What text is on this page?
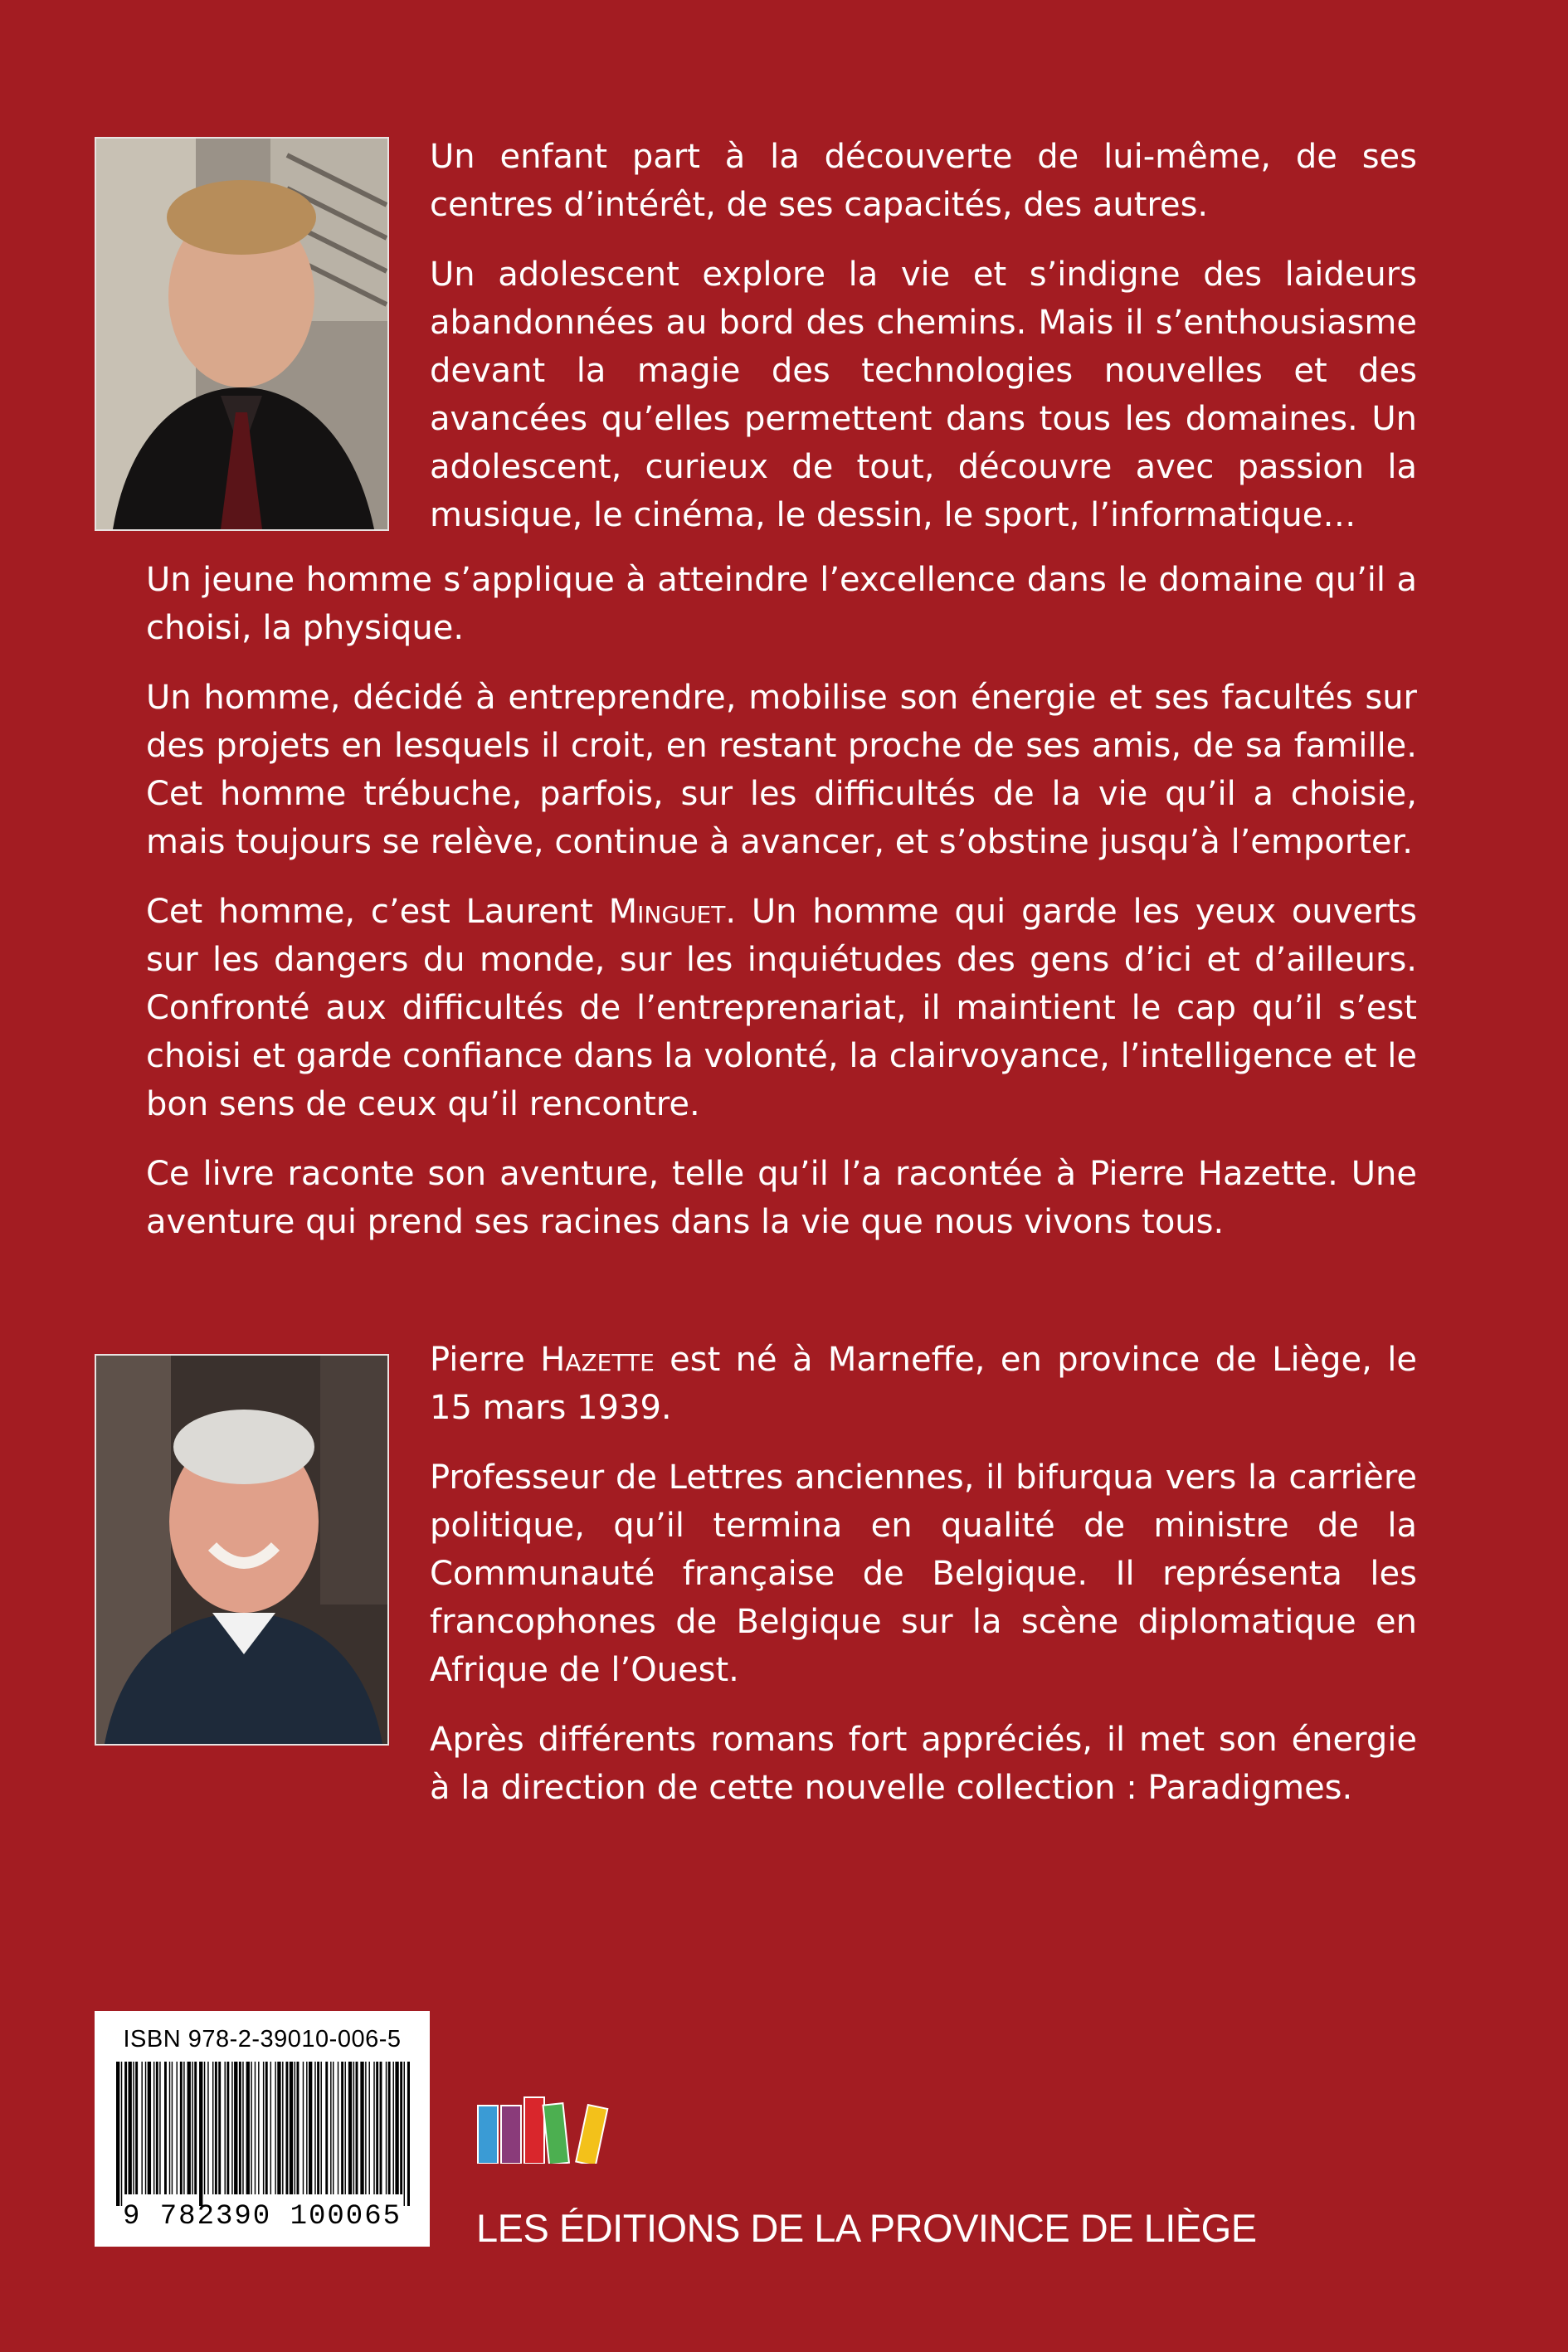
Un enfant part à la découverte de lui-même, de ses centres d’intérêt, de ses capacités, des autres.

Un adolescent explore la vie et s’indigne des laideurs abandonnées au bord des chemins. Mais il s’enthousiasme devant la magie des technologies nouvelles et des avancées qu’elles permettent dans tous les domaines. Un adolescent, curieux de tout, découvre avec passion la musique, le cinéma, le dessin, le sport, l’informatique…

Un jeune homme s’applique à atteindre l’excellence dans le domaine qu’il a choisi, la physique.

Un homme, décidé à entreprendre, mobilise son énergie et ses facultés sur des projets en lesquels il croit, en restant proche de ses amis, de sa famille. Cet homme trébuche, parfois, sur les difficultés de la vie qu’il a choisie, mais toujours se relève, continue à avancer, et s’obstine jusqu’à l’emporter.

Cet homme, c’est Laurent Minguet. Un homme qui garde les yeux ouverts sur les dangers du monde, sur les inquiétudes des gens d’ici et d’ailleurs. Confronté aux difficultés de l’entreprenariat, il maintient le cap qu’il s’est choisi et garde confiance dans la volonté, la clairvoyance, l’intelligence et le bon sens de ceux qu’il rencontre.

Ce livre raconte son aventure, telle qu’il l’a racontée à Pierre Hazette. Une aventure qui prend ses racines dans la vie que nous vivons tous.

Pierre Hazette est né à Marneffe, en province de Liège, le 15 mars 1939.

Professeur de Lettres anciennes, il bifurqua vers la carrière politique, qu’il termina en qualité de ministre de la Communauté française de Belgique. Il représenta les francophones de Belgique sur la scène diplomatique en Afrique de l’Ouest.

Après différents romans fort appréciés, il met son énergie à la direction de cette nouvelle collection : Paradigmes.

ISBN 978-2-39010-006-5

9 782390 100065 LES ÉDITIONS DE LA PROVINCE DE LIÈGE
